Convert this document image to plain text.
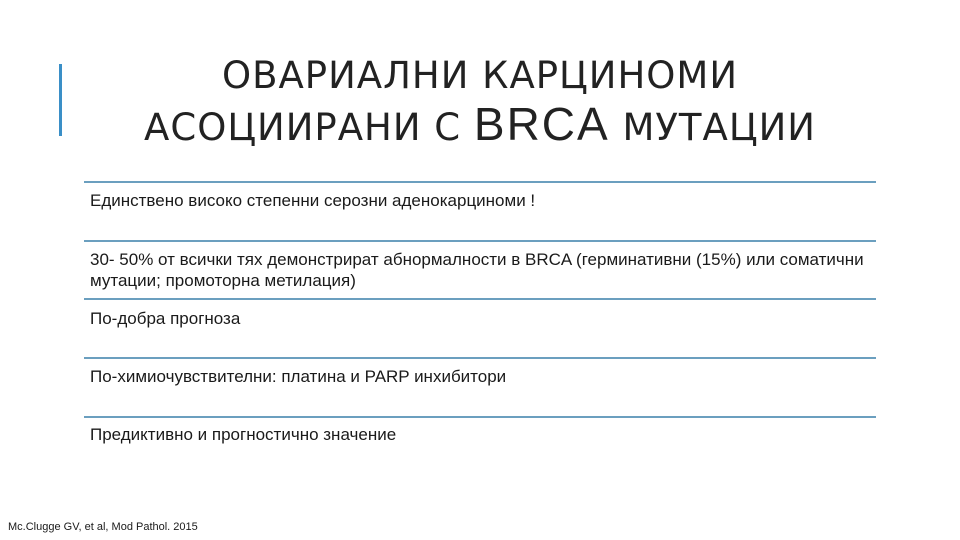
ОВАРИАЛНИ КАРЦИНОМИ
АСОЦИИРАНИ С BRCA МУТАЦИИ
Единствено високо степенни серозни аденокарциноми !
30- 50% от всички тях демонстрират абнормалности в BRCA (герминативни (15%) или соматични мутации; промоторна метилация)
По-добра прогноза
По-химиочувствителни: платина и PARP инхибитори
Предиктивно и прогностично значение
Mc.Clugge GV, et al, Mod Pathol. 2015
